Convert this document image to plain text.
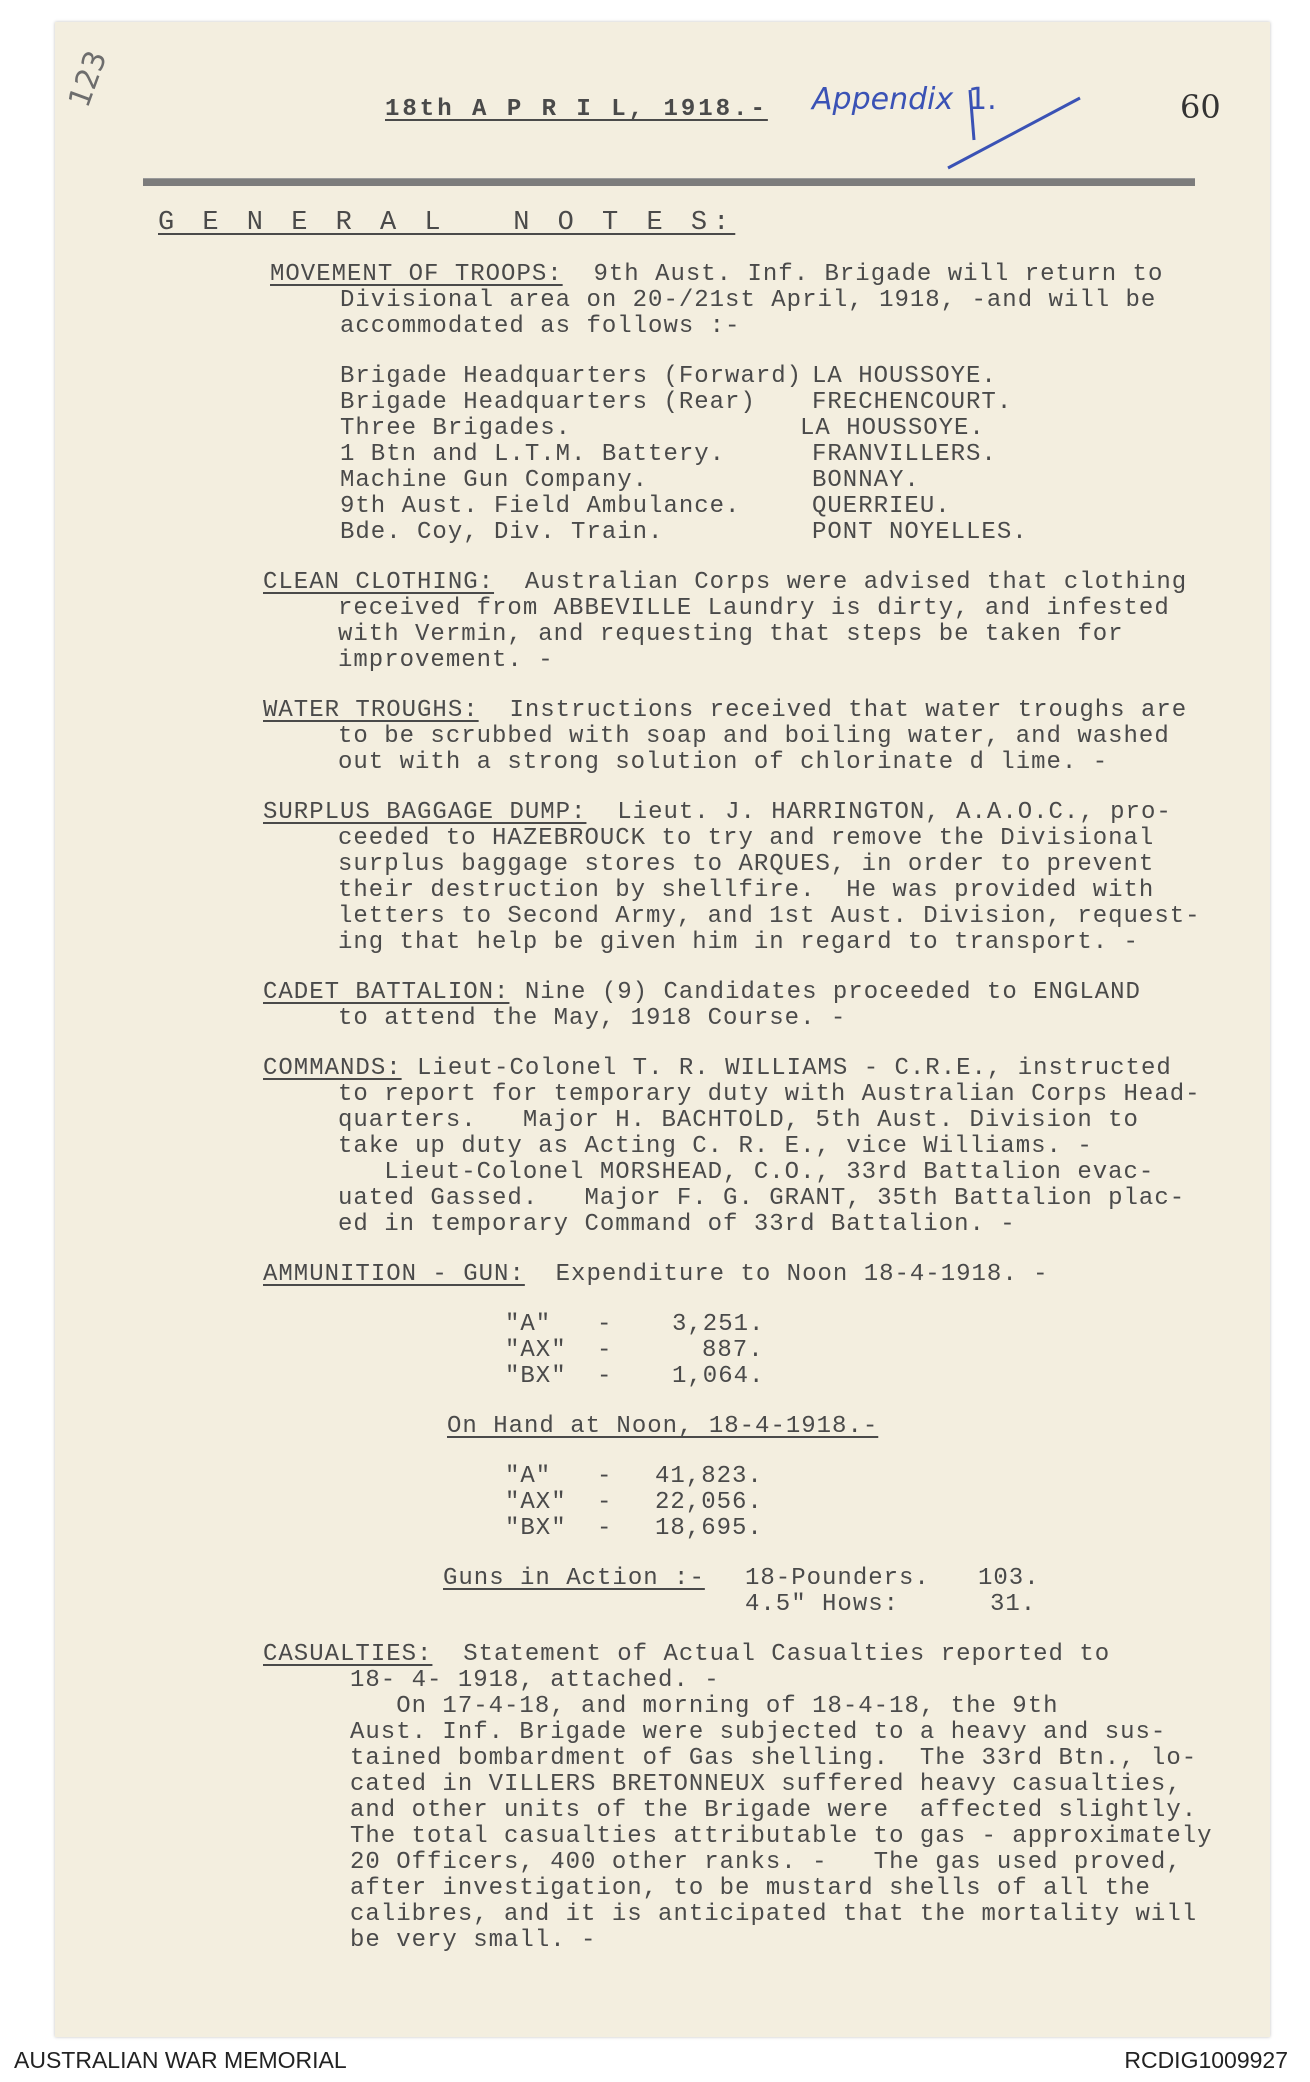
123	18th A P R I L, 1918.- Appendix 1.	60
G E N E R A L   N O T E S:
MOVEMENT OF TROOPS:  9th Aust. Inf. Brigade will return to
Divisional area on 20-/21st April, 1918, -and will be
accommodated as follows :-
Brigade Headquarters (Forward) LA HOUSSOYE.
Brigade Headquarters (Rear) FRECHENCOURT.
Three Brigades.	LA HOUSSOYE.
1 Btn and L.T.M. Battery.	FRANVILLERS.
Machine Gun Company.	BONNAY.
9th Aust. Field Ambulance.	QUERRIEU.
Bde. Coy, Div. Train.	PONT NOYELLES.
CLEAN CLOTHING:  Australian Corps were advised that clothing
received from ABBEVILLE Laundry is dirty, and infested
with Vermin, and requesting that steps be taken for
improvement. -
WATER TROUGHS:  Instructions received that water troughs are
to be scrubbed with soap and boiling water, and washed
out with a strong solution of chlorinate d lime. -
SURPLUS BAGGAGE DUMP:  Lieut. J. HARRINGTON, A.A.O.C., pro-
ceeded to HAZEBROUCK to try and remove the Divisional
surplus baggage stores to ARQUES, in order to prevent
their destruction by shellfire.  He was provided with
letters to Second Army, and 1st Aust. Division, request-
ing that help be given him in regard to transport. -
CADET BATTALION: Nine (9) Candidates proceeded to ENGLAND
to attend the May, 1918 Course. -
COMMANDS: Lieut-Colonel T. R. WILLIAMS - C.R.E., instructed
to report for temporary duty with Australian Corps Head-
quarters.   Major H. BACHTOLD, 5th Aust. Division to
take up duty as Acting C. R. E., vice Williams. -
Lieut-Colonel MORSHEAD, C.O., 33rd Battalion evac-
uated Gassed.   Major F. G. GRANT, 35th Battalion plac-
ed in temporary Command of 33rd Battalion. -
AMMUNITION - GUN:  Expenditure to Noon 18-4-1918. -
"A" - 3,251.
"AX" -	887.
"BX" - 1,064.
On Hand at Noon, 18-4-1918.-
"A" - 41,823.
"AX" - 22,056.
"BX" - 18,695.
Guns in Action :- 18-Pounders. 103.
4.5" Hows:	31.
CASUALTIES:  Statement of Actual Casualties reported to
18- 4- 1918, attached. -
On 17-4-18, and morning of 18-4-18, the 9th
Aust. Inf. Brigade were subjected to a heavy and sus-
tained bombardment of Gas shelling.  The 33rd Btn., lo-
cated in VILLERS BRETONNEUX suffered heavy casualties,
and other units of the Brigade were  affected slightly.
The total casualties attributable to gas - approximately
20 Officers, 400 other ranks. -   The gas used proved,
after investigation, to be mustard shells of all the
calibres, and it is anticipated that the mortality will
be very small. -
AUSTRALIAN WAR MEMORIAL	RCDIG1009927
